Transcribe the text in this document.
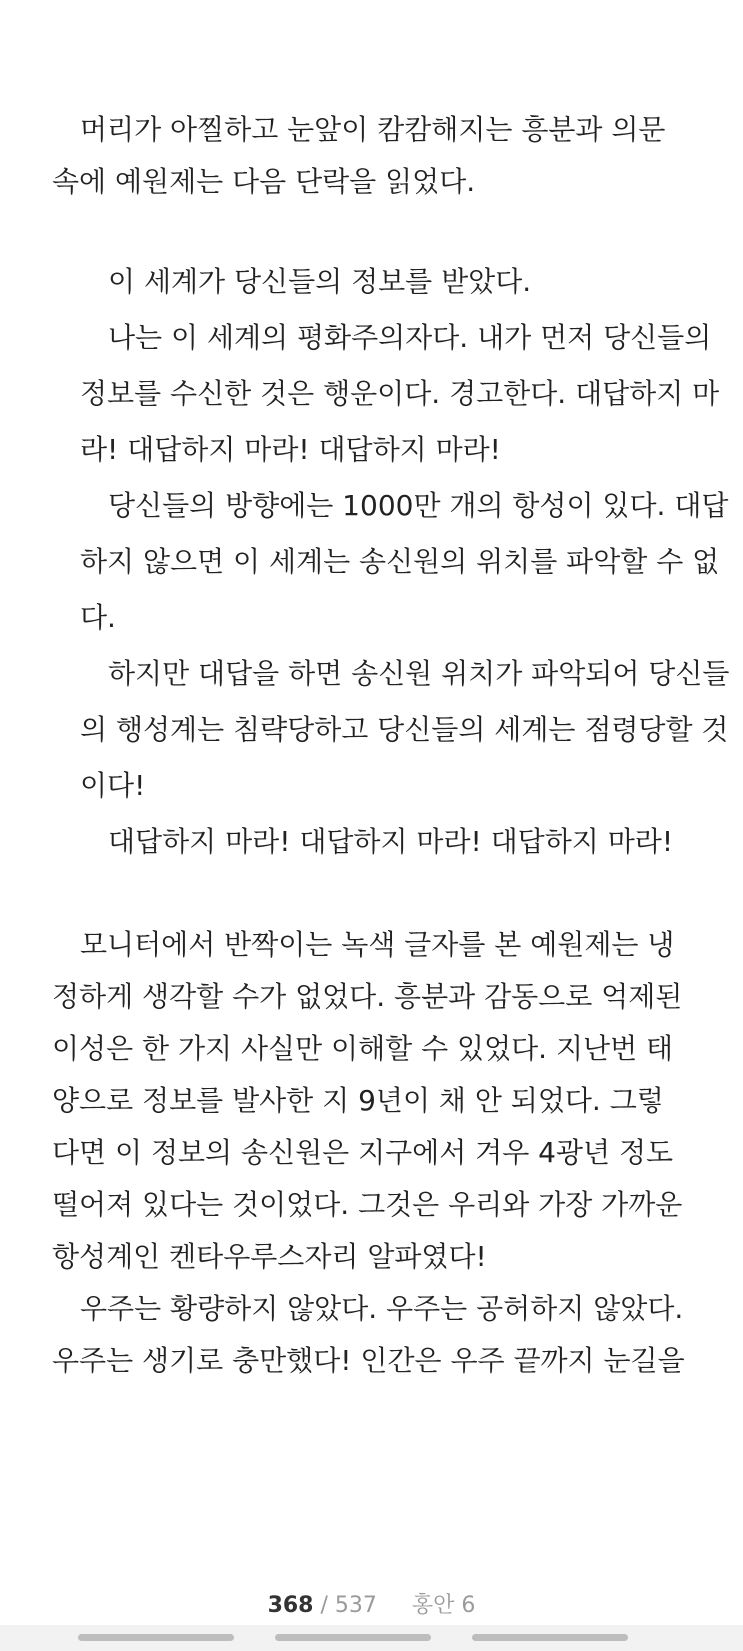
머리가 아찔하고 눈앞이 캄캄해지는 흥분과 의문
속에 예원제는 다음 단락을 읽었다.
이 세계가 당신들의 정보를 받았다.
나는 이 세계의 평화주의자다. 내가 먼저 당신들의
정보를 수신한 것은 행운이다. 경고한다. 대답하지 마
라! 대답하지 마라! 대답하지 마라!
당신들의 방향에는 1000만 개의 항성이 있다. 대답
하지 않으면 이 세계는 송신원의 위치를 파악할 수 없
다.
하지만 대답을 하면 송신원 위치가 파악되어 당신들
의 행성계는 침략당하고 당신들의 세계는 점령당할 것
이다!
대답하지 마라! 대답하지 마라! 대답하지 마라!
모니터에서 반짝이는 녹색 글자를 본 예원제는 냉
정하게 생각할 수가 없었다. 흥분과 감동으로 억제된
이성은 한 가지 사실만 이해할 수 있었다. 지난번 태
양으로 정보를 발사한 지 9년이 채 안 되었다. 그렇
다면 이 정보의 송신원은 지구에서 겨우 4광년 정도
떨어져 있다는 것이었다. 그것은 우리와 가장 가까운
항성계인 켄타우루스자리 알파였다!
우주는 황량하지 않았다. 우주는 공허하지 않았다.
우주는 생기로 충만했다! 인간은 우주 끝까지 눈길을
368 / 537 홍안 6
